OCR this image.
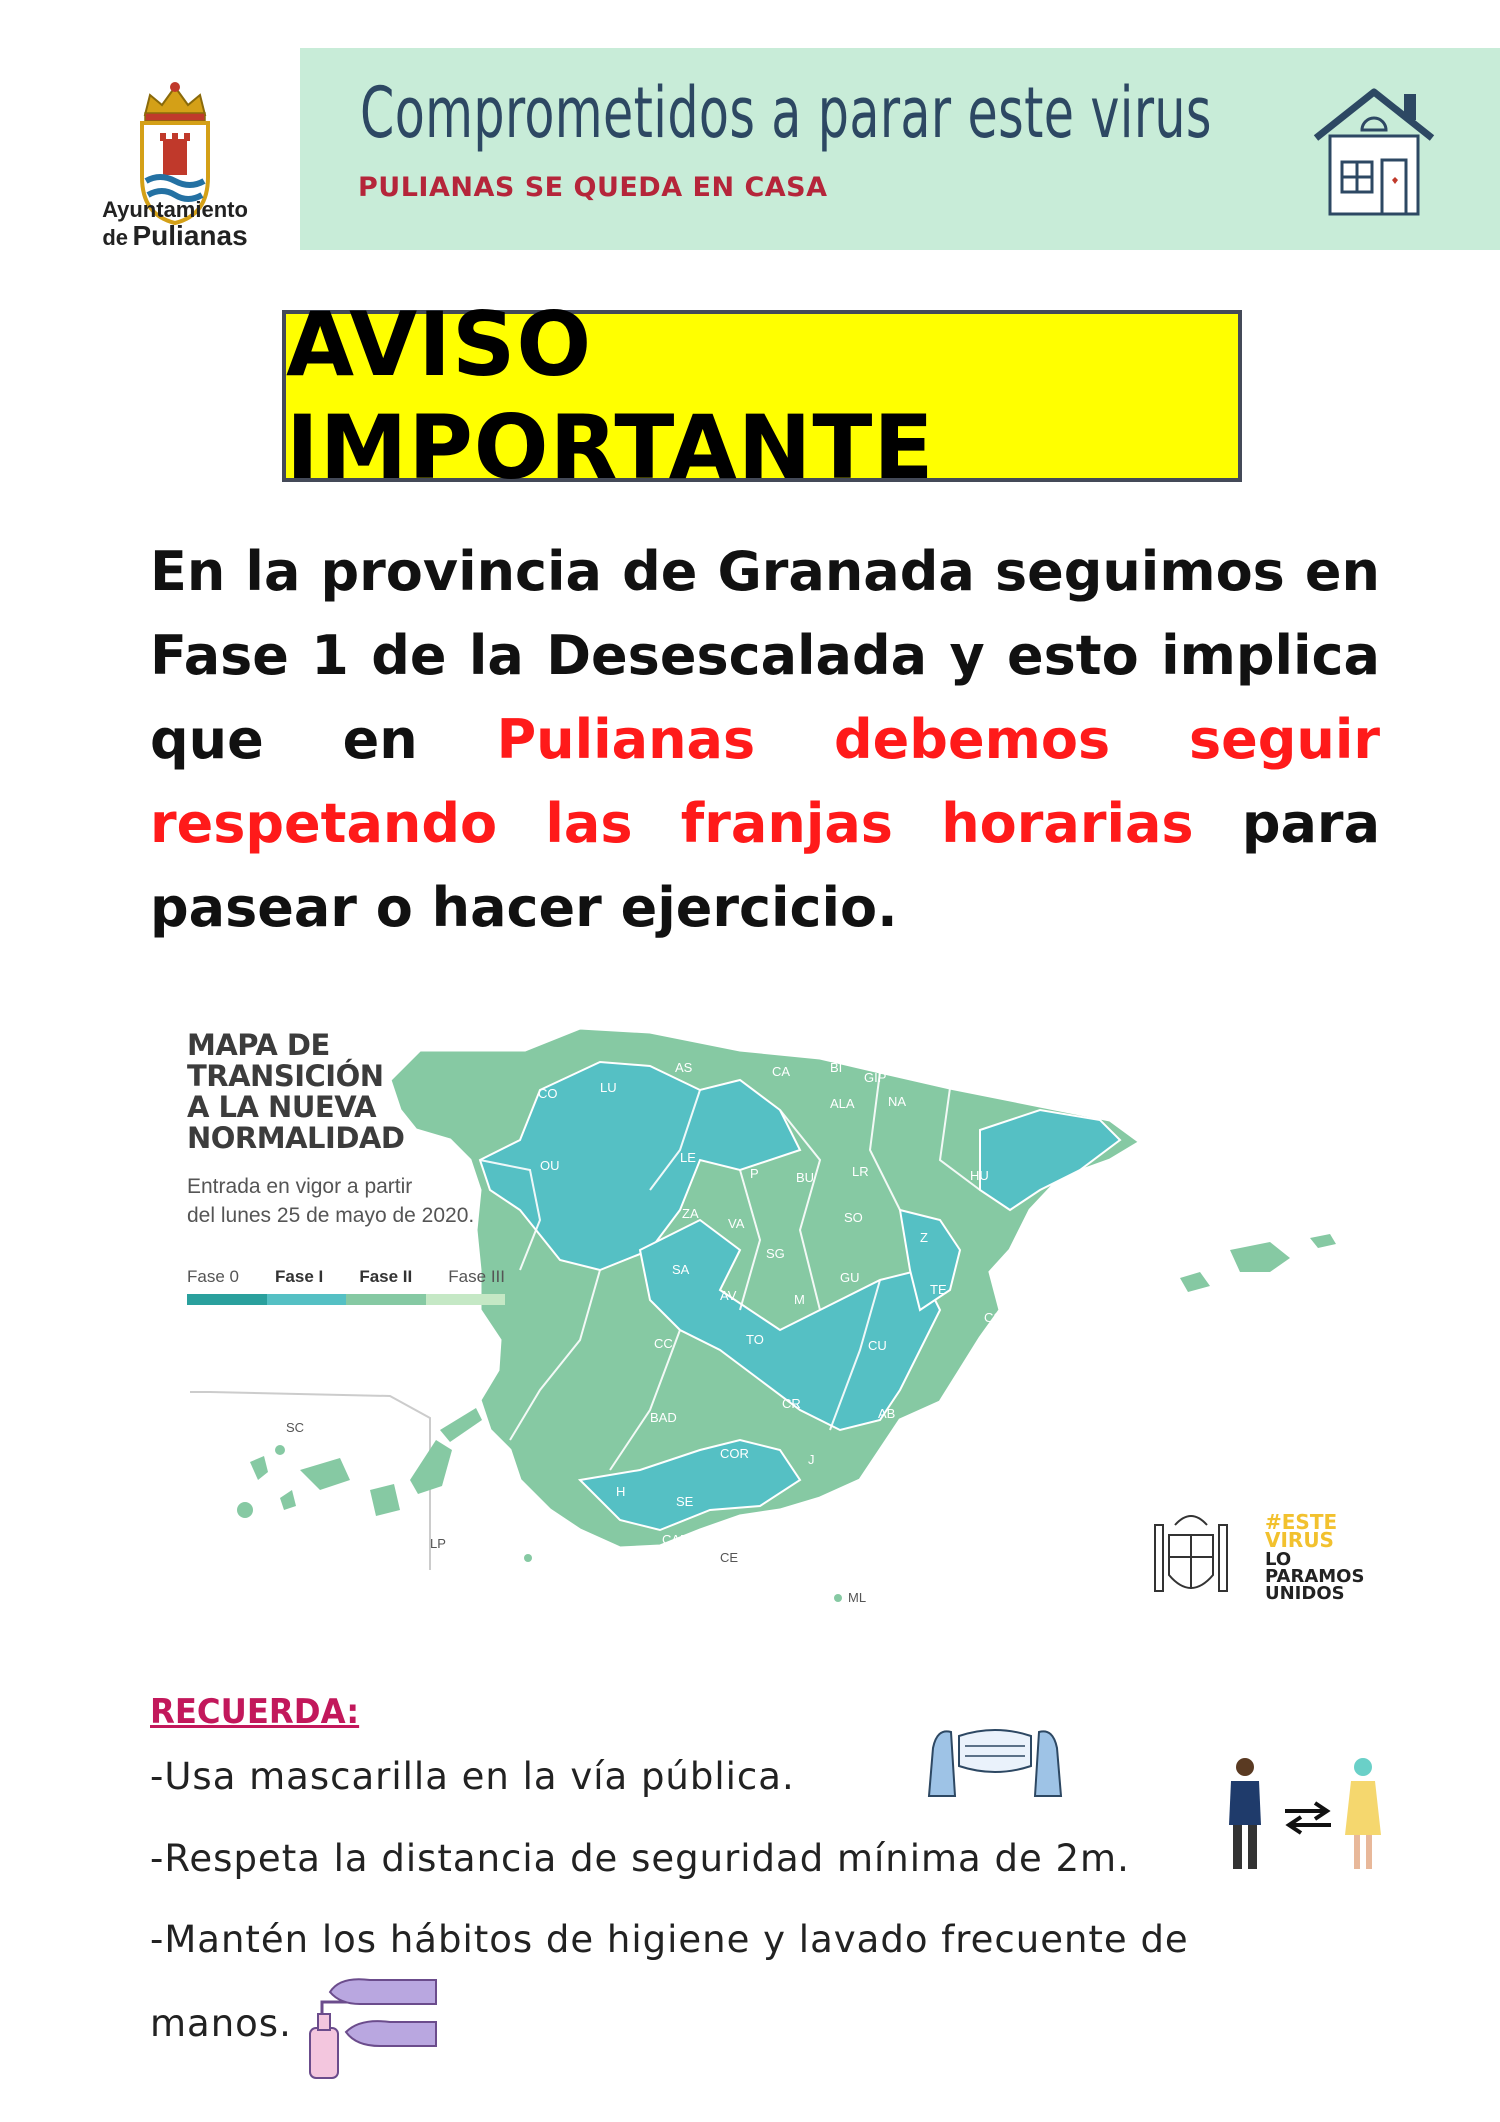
Ayuntamiento
de Pulianas
Comprometidos a parar este virus
PULIANAS SE QUEDA EN CASA
AVISO IMPORTANTE
En la provincia de Granada seguimos en Fase 1 de la Desescalada y esto implica que en Pulianas debemos seguir respetando las franjas horarias para pasear o hacer ejercicio.
CO	LU
AS	CA	BI
GIP
ALA	NA
OU
LE
P	BU	LR	HU	GIR
B
ZA
VA	SO
Z
SA
SG
GU
TE
AV	M
CS
CC	TO	CU
V	BAL
CR
AB
BAD
A
COR	J
MU
H
SE
GR
ALM
CAD
MA
CE
ML
SC
LP
MAPA DE
TRANSICIÓN
A LA NUEVA
NORMALIDAD
Entrada en vigor a partir
del lunes 25 de mayo de 2020.
Fase 0 Fase I Fase II Fase III
#ESTE
VIRUS
LO
PARAMOS
UNIDOS
RECUERDA:
-Usa mascarilla en la vía pública.
-Respeta la distancia de seguridad mínima de 2m.
-Mantén los hábitos de higiene y lavado frecuente de
manos.
